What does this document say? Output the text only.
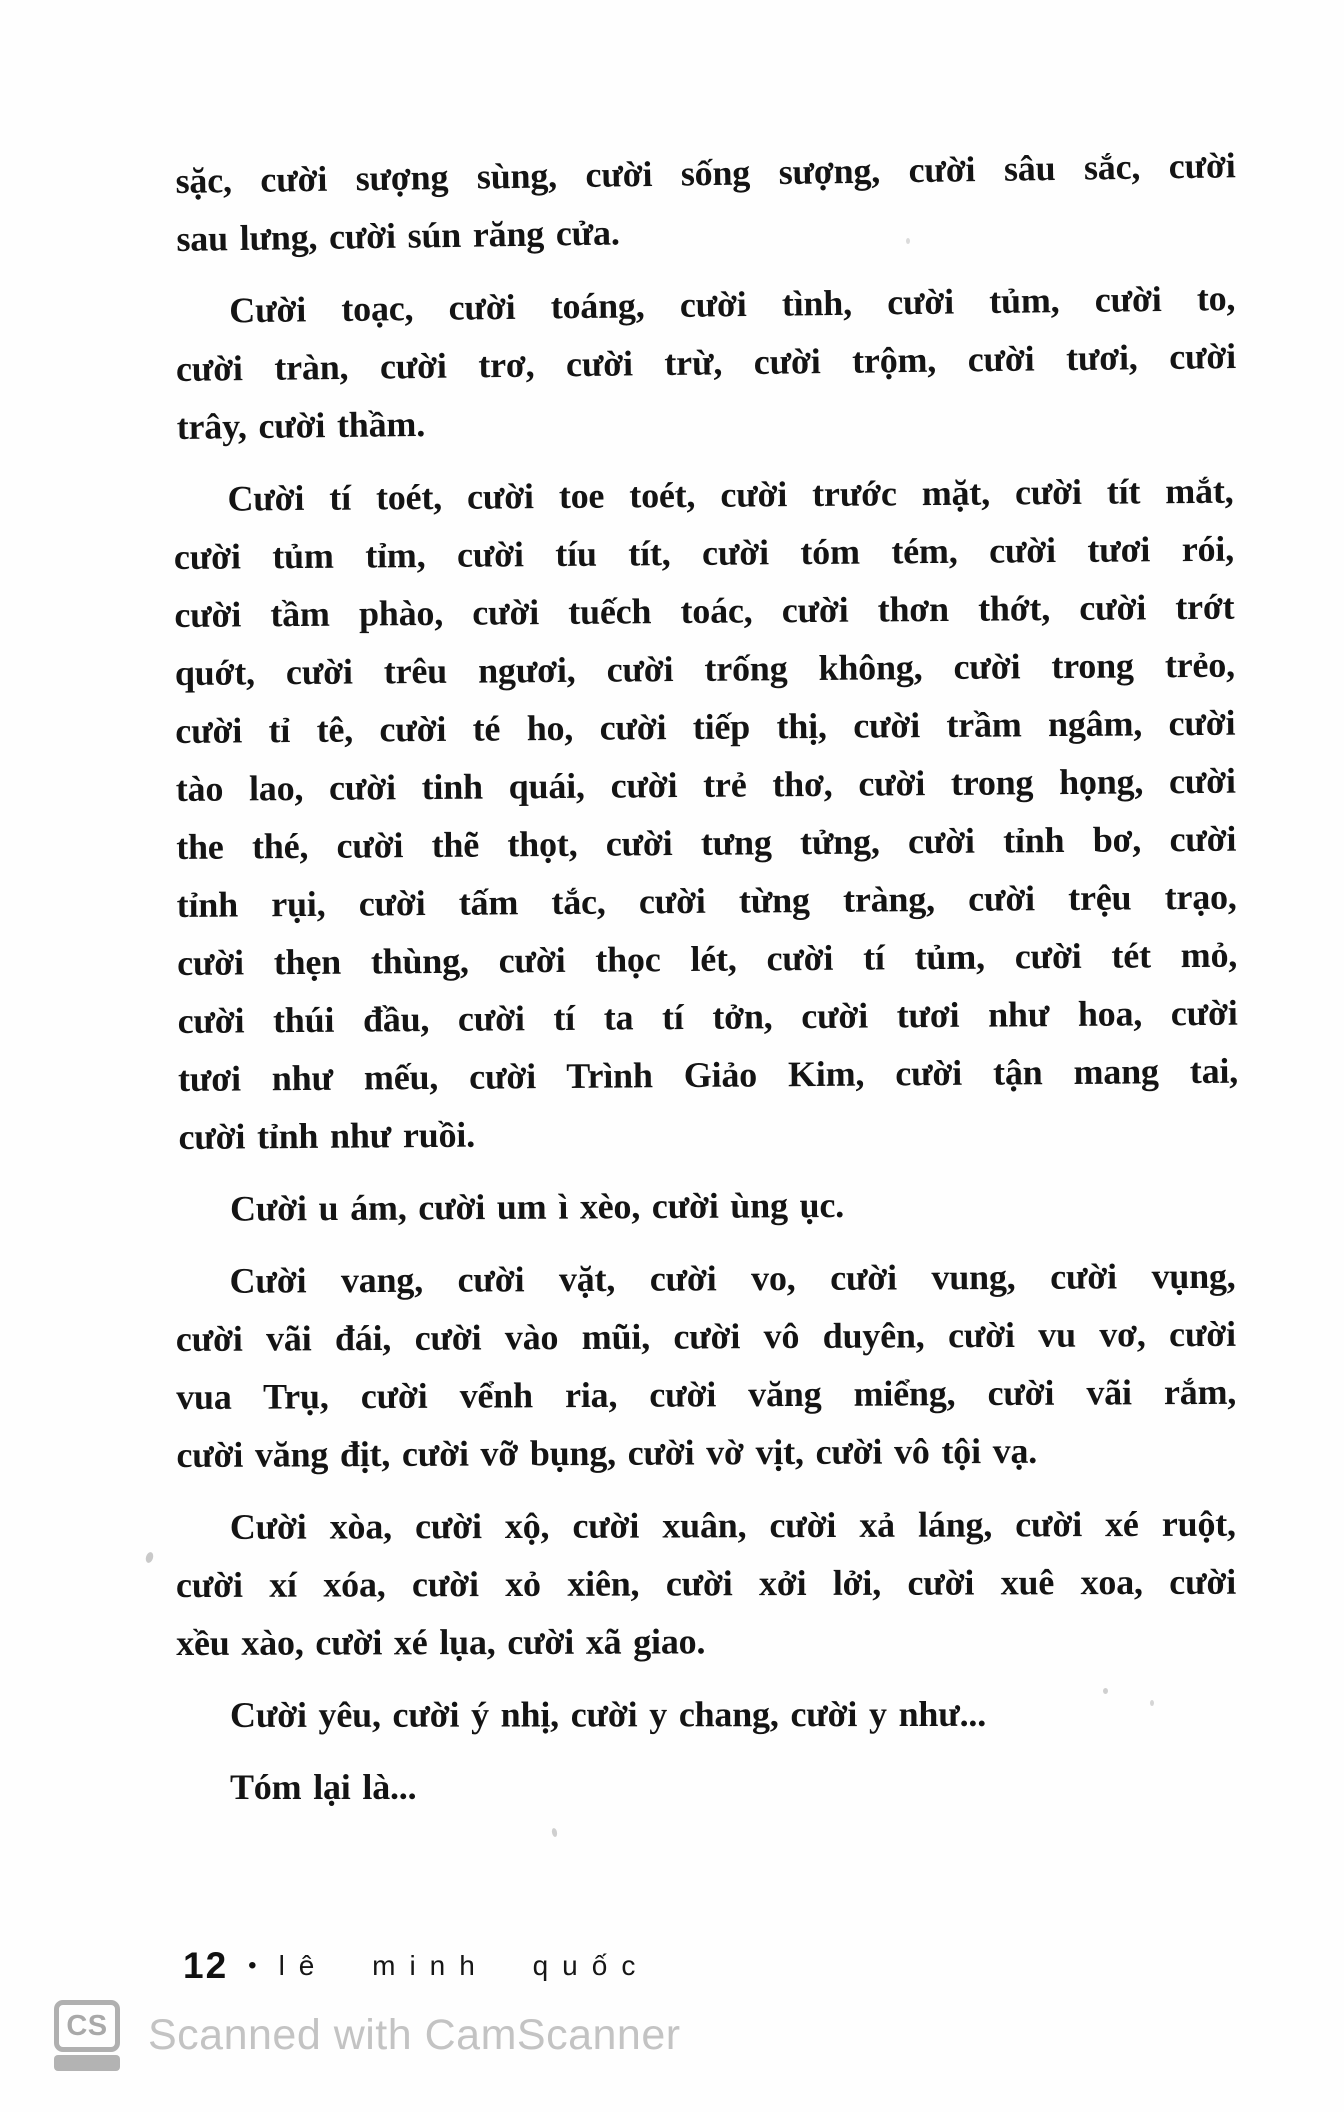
sặc, cười sượng sùng, cười sống sượng, cười sâu sắc, cười
sau lưng, cười sún răng cửa.
Cười toạc, cười toáng, cười tình, cười tủm, cười to,
cười tràn, cười trơ, cười trừ, cười trộm, cười tươi, cười
trây, cười thầm.
Cười tí toét, cười toe toét, cười trước mặt, cười tít mắt,
cười tủm tỉm, cười tíu tít, cười tóm tém, cười tươi rói,
cười tầm phào, cười tuếch toác, cười thơn thớt, cười trớt
quớt, cười trêu ngươi, cười trống không, cười trong trẻo,
cười tỉ tê, cười té ho, cười tiếp thị, cười trầm ngâm, cười
tào lao, cười tinh quái, cười trẻ thơ, cười trong họng, cười
the thé, cười thẽ thọt, cười tưng tửng, cười tỉnh bơ, cười
tỉnh rụi, cười tấm tắc, cười từng tràng, cười trệu trạo,
cười thẹn thùng, cười thọc lét, cười tí tủm, cười tét mỏ,
cười thúi đầu, cười tí ta tí tởn, cười tươi như hoa, cười
tươi như mếu, cười Trình Giảo Kim, cười tận mang tai,
cười tỉnh như ruồi.
Cười u ám, cười um ì xèo, cười ùng ục.
Cười vang, cười vặt, cười vo, cười vung, cười vụng,
cười vãi đái, cười vào mũi, cười vô duyên, cười vu vơ, cười
vua Trụ, cười vểnh ria, cười văng miểng, cười vãi rắm,
cười văng địt, cười vỡ bụng, cười vờ vịt, cười vô tội vạ.
Cười xòa, cười xộ, cười xuân, cười xả láng, cười xé ruột,
cười xí xóa, cười xỏ xiên, cười xởi lởi, cười xuê xoa, cười
xều xào, cười xé lụa, cười xã giao.
Cười yêu, cười ý nhị, cười y chang, cười y như...
Tóm lại là...
12 • lê minh quốc
CS Scanned with CamScanner
